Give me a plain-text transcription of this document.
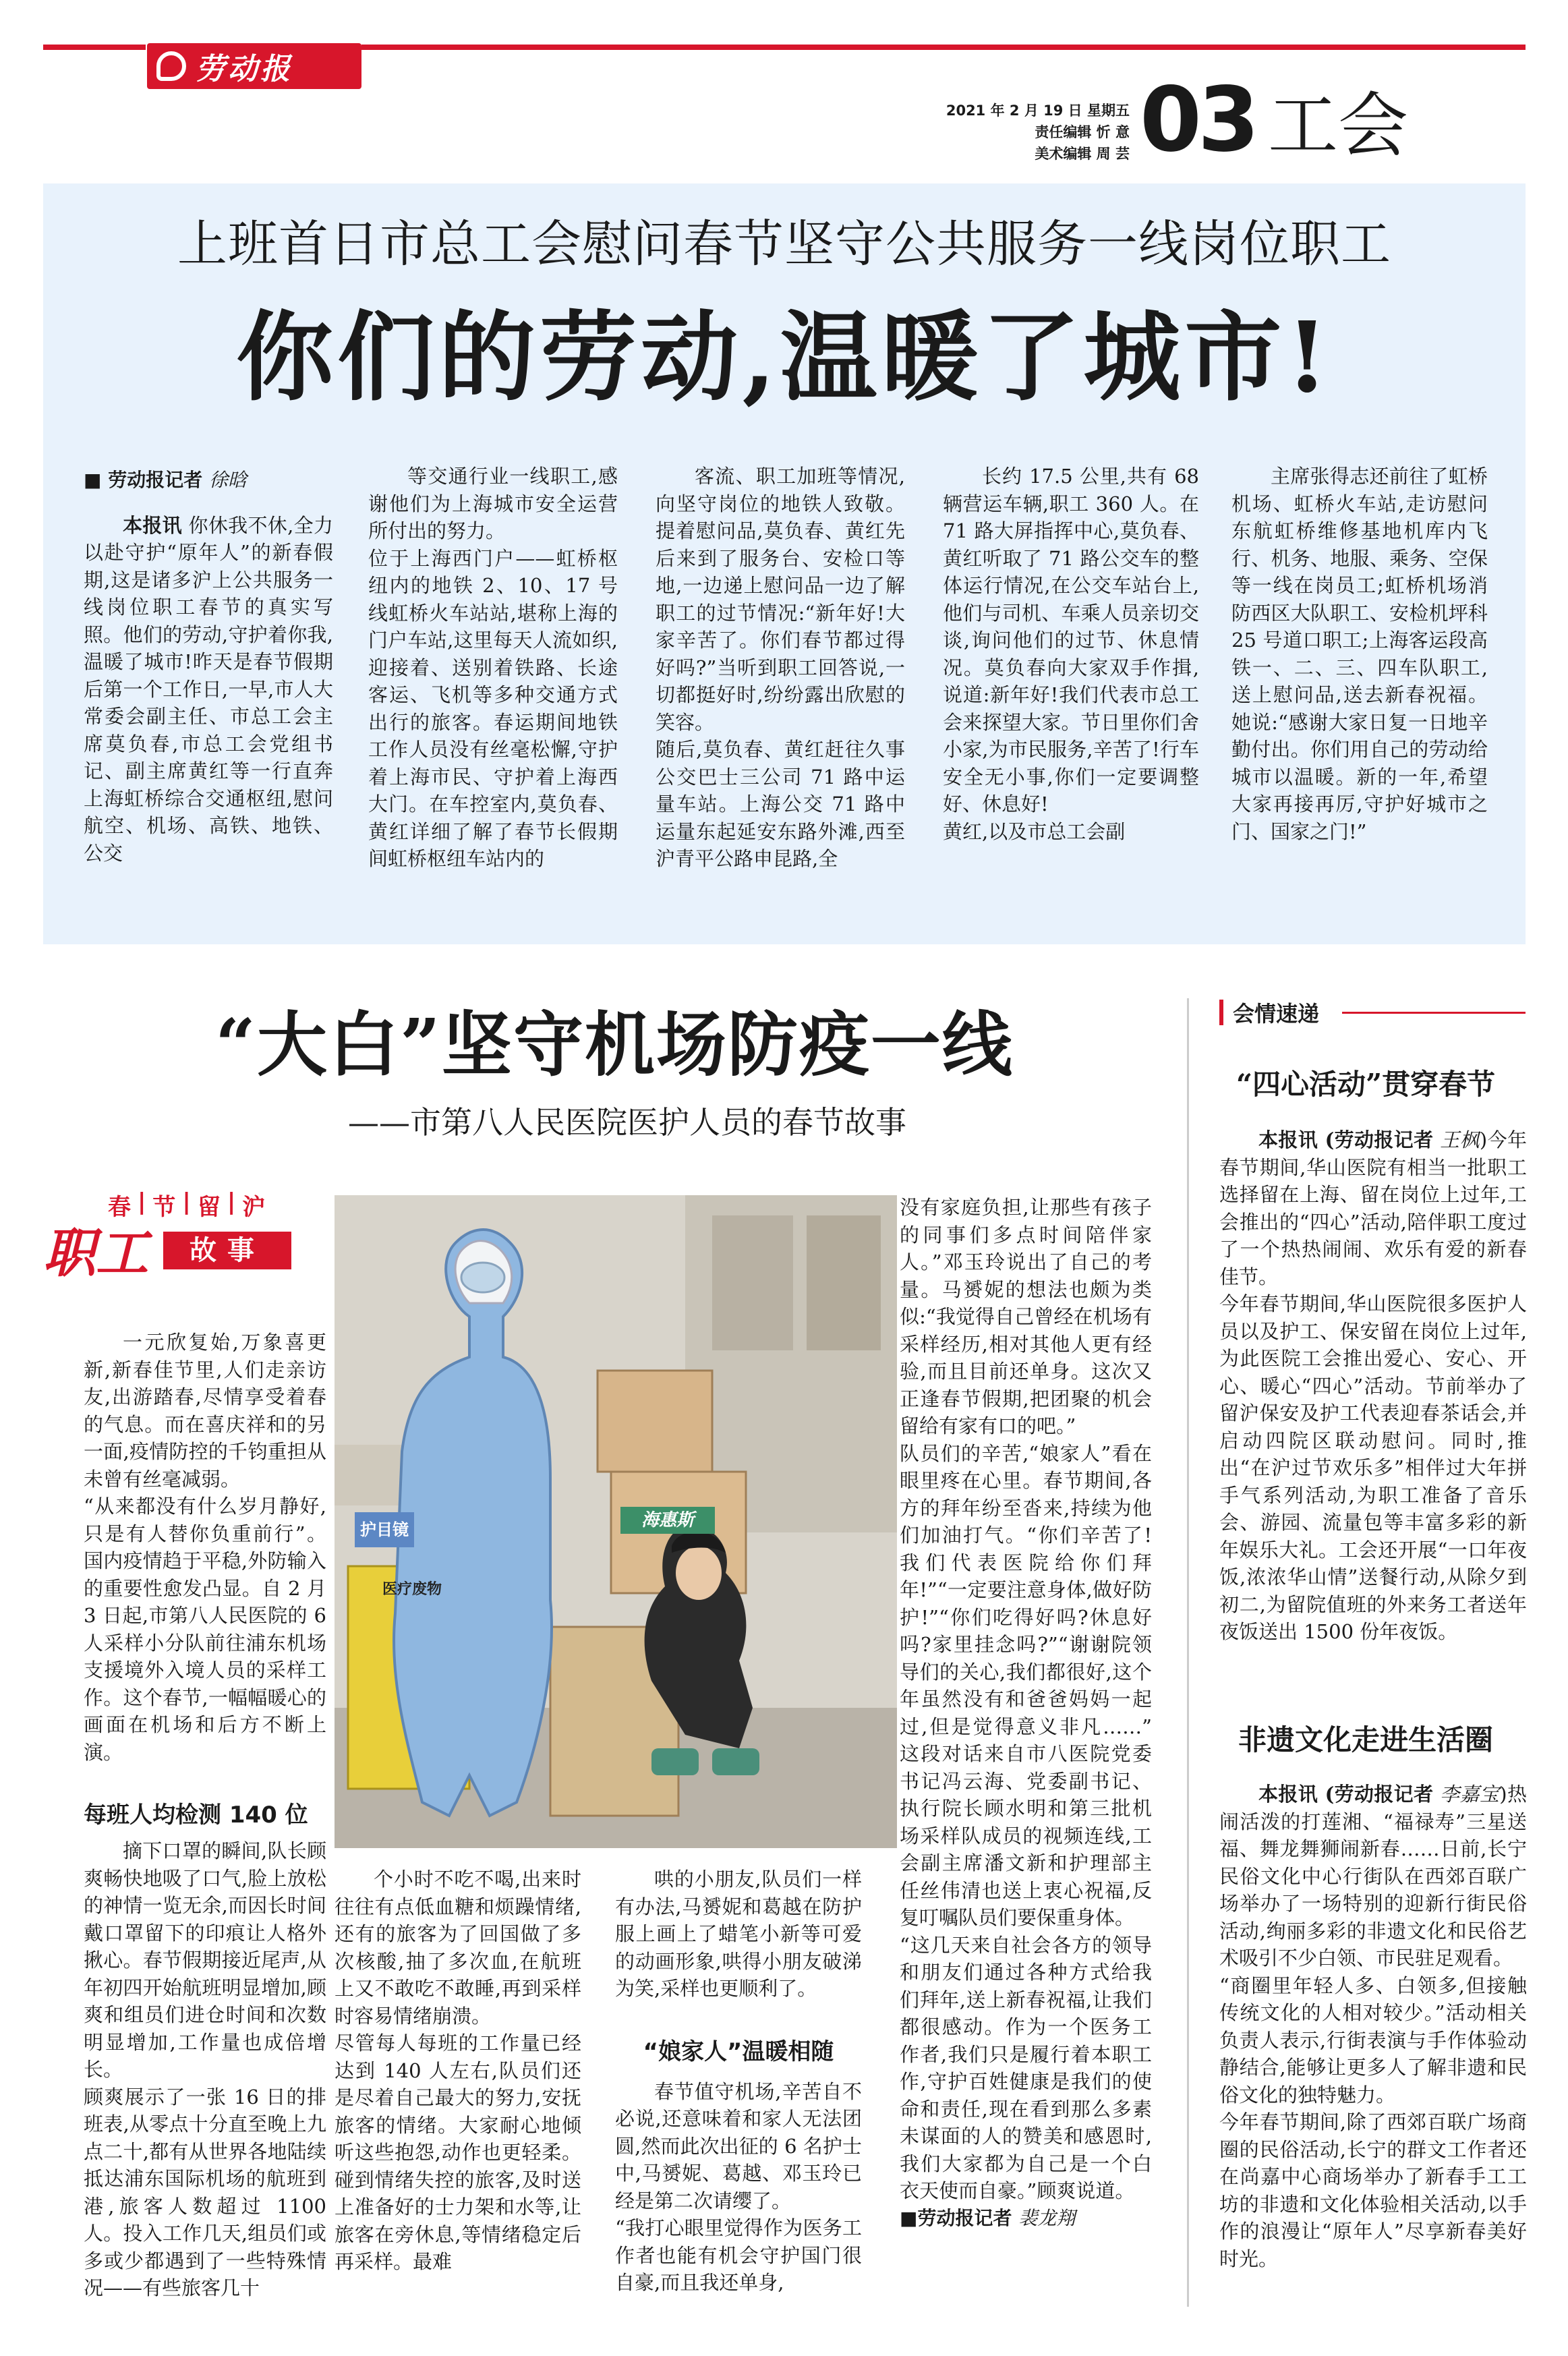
劳动报
2021 年 2 月 19 日 星期五
责任编辑 忻 意
美术编辑 周 芸 03 工会
上班首日市总工会慰问春节坚守公共服务一线岗位职工
你们的劳动,温暖了城市!

■ 劳动报记者 徐晗

本报讯 你休我不休,全力以赴守护“原年人”的新春假期,这是诸多沪上公共服务一线岗位职工春节的真实写照。他们的劳动,守护着你我,温暖了城市!昨天是春节假期后第一个工作日,一早,市人大常委会副主任、市总工会主席莫负春,市总工会党组书记、副主席黄红等一行直奔上海虹桥综合交通枢纽,慰问航空、机场、高铁、地铁、公交

等交通行业一线职工,感谢他们为上海城市安全运营所付出的努力。
位于上海西门户——虹桥枢纽内的地铁 2、10、17 号线虹桥火车站站,堪称上海的门户车站,这里每天人流如织,迎接着、送别着铁路、长途客运、飞机等多种交通方式出行的旅客。春运期间地铁工作人员没有丝毫松懈,守护着上海市民、守护着上海西大门。在车控室内,莫负春、黄红详细了解了春节长假期间虹桥枢纽车站内的
客流、职工加班等情况,向坚守岗位的地铁人致敬。提着慰问品,莫负春、黄红先后来到了服务台、安检口等地,一边递上慰问品一边了解职工的过节情况:“新年好!大家辛苦了。你们春节都过得好吗?”当听到职工回答说,一切都挺好时,纷纷露出欣慰的笑容。
随后,莫负春、黄红赶往久事公交巴士三公司 71 路中运量车站。上海公交 71 路中运量东起延安东路外滩,西至沪青平公路申昆路,全
长约 17.5 公里,共有 68 辆营运车辆,职工 360 人。在 71 路大屏指挥中心,莫负春、黄红听取了 71 路公交车的整体运行情况,在公交车站台上,他们与司机、车乘人员亲切交谈,询问他们的过节、休息情况。莫负春向大家双手作揖,说道:新年好!我们代表市总工会来探望大家。节日里你们舍小家,为市民服务,辛苦了!行车安全无小事,你们一定要调整好、休息好!
黄红,以及市总工会副
主席张得志还前往了虹桥机场、虹桥火车站,走访慰问东航虹桥维修基地机库内飞行、机务、地服、乘务、空保等一线在岗员工;虹桥机场消防西区大队职工、安检机坪科 25 号道口职工;上海客运段高铁一、二、三、四车队职工,送上慰问品,送去新春祝福。她说:“感谢大家日复一日地辛勤付出。你们用自己的劳动给城市以温暖。新的一年,希望大家再接再厉,守护好城市之门、国家之门!”
“大白”坚守机场防疫一线
——市第八人民医院医护人员的春节故事
春 | 节 | 留 | 沪
职工	故事

一元欣复始,万象喜更新,新春佳节里,人们走亲访友,出游踏春,尽情享受着春的气息。而在喜庆祥和的另一面,疫情防控的千钧重担从未曾有丝毫减弱。
“从来都没有什么岁月静好,只是有人替你负重前行”。国内疫情趋于平稳,外防输入的重要性愈发凸显。自 2 月 3 日起,市第八人民医院的 6 人采样小分队前往浦东机场支援境外入境人员的采样工作。这个春节,一幅幅暖心的画面在机场和后方不断上演。

每班人均检测 140 位

摘下口罩的瞬间,队长顾爽畅快地吸了口气,脸上放松的神情一览无余,而因长时间戴口罩留下的印痕让人格外揪心。春节假期接近尾声,从年初四开始航班明显增加,顾爽和组员们进仓时间和次数明显增加,工作量也成倍增长。
顾爽展示了一张 16 日的排班表,从零点十分直至晚上九点二十,都有从世界各地陆续抵达浦东国际机场的航班到港,旅客人数超过 1100 人。投入工作几天,组员们或多或少都遇到了一些特殊情况——有些旅客几十

海惠斯
护目镜
医疗废物
个小时不吃不喝,出来时往往有点低血糖和烦躁情绪,还有的旅客为了回国做了多次核酸,抽了多次血,在航班上又不敢吃不敢睡,再到采样时容易情绪崩溃。
尽管每人每班的工作量已经达到 140 人左右,队员们还是尽着自己最大的努力,安抚旅客的情绪。大家耐心地倾听这些抱怨,动作也更轻柔。碰到情绪失控的旅客,及时送上准备好的士力架和水等,让旅客在旁休息,等情绪稳定后再采样。最难

哄的小朋友,队员们一样有办法,马赟妮和葛越在防护服上画上了蜡笔小新等可爱的动画形象,哄得小朋友破涕为笑,采样也更顺利了。

“娘家人”温暖相随

春节值守机场,辛苦自不必说,还意味着和家人无法团圆,然而此次出征的 6 名护士中,马赟妮、葛越、邓玉玲已经是第二次请缨了。
“我打心眼里觉得作为医务工作者也能有机会守护国门很自豪,而且我还单身,

没有家庭负担,让那些有孩子的同事们多点时间陪伴家人。”邓玉玲说出了自己的考量。马赟妮的想法也颇为类似:“我觉得自己曾经在机场有采样经历,相对其他人更有经验,而且目前还单身。这次又正逢春节假期,把团聚的机会留给有家有口的吧。”
队员们的辛苦,“娘家人”看在眼里疼在心里。春节期间,各方的拜年纷至沓来,持续为他们加油打气。“你们辛苦了!我们代表医院给你们拜年!”“一定要注意身体,做好防护!”“你们吃得好吗?休息好吗?家里挂念吗?”“谢谢院领导们的关心,我们都很好,这个年虽然没有和爸爸妈妈一起过,但是觉得意义非凡……” 这段对话来自市八医院党委书记冯云海、党委副书记、执行院长顾水明和第三批机场采样队成员的视频连线,工会副主席潘文新和护理部主任丝伟清也送上衷心祝福,反复叮嘱队员们要保重身体。
“这几天来自社会各方的领导和朋友们通过各种方式给我们拜年,送上新春祝福,让我们都很感动。作为一个医务工作者,我们只是履行着本职工作,守护百姓健康是我们的使命和责任,现在看到那么多素未谋面的人的赞美和感恩时,我们大家都为自己是一个白衣天使而自豪。”顾爽说道。

■劳动报记者 裴龙翔

会情速递
“四心活动”贯穿春节
本报讯 (劳动报记者 王枫)今年春节期间,华山医院有相当一批职工选择留在上海、留在岗位上过年,工会推出的“四心”活动,陪伴职工度过了一个热热闹闹、欢乐有爱的新春佳节。
今年春节期间,华山医院很多医护人员以及护工、保安留在岗位上过年,为此医院工会推出爱心、安心、开心、暖心“四心”活动。节前举办了留沪保安及护工代表迎春茶话会,并启动四院区联动慰问。同时,推出“在沪过节欢乐多”相伴过大年拼手气系列活动,为职工准备了音乐会、游园、流量包等丰富多彩的新年娱乐大礼。工会还开展“一口年夜饭,浓浓华山情”送餐行动,从除夕到初二,为留院值班的外来务工者送年夜饭送出 1500 份年夜饭。
非遗文化走进生活圈
本报讯 (劳动报记者 李嘉宝)热闹活泼的打莲湘、“福禄寿”三星送福、舞龙舞狮闹新春……日前,长宁民俗文化中心行街队在西郊百联广场举办了一场特别的迎新行街民俗活动,绚丽多彩的非遗文化和民俗艺术吸引不少白领、市民驻足观看。
“商圈里年轻人多、白领多,但接触传统文化的人相对较少。”活动相关负责人表示,行街表演与手作体验动静结合,能够让更多人了解非遗和民俗文化的独特魅力。
今年春节期间,除了西郊百联广场商圈的民俗活动,长宁的群文工作者还在尚嘉中心商场举办了新春手工工坊的非遗和文化体验相关活动,以手作的浪漫让“原年人”尽享新春美好时光。
